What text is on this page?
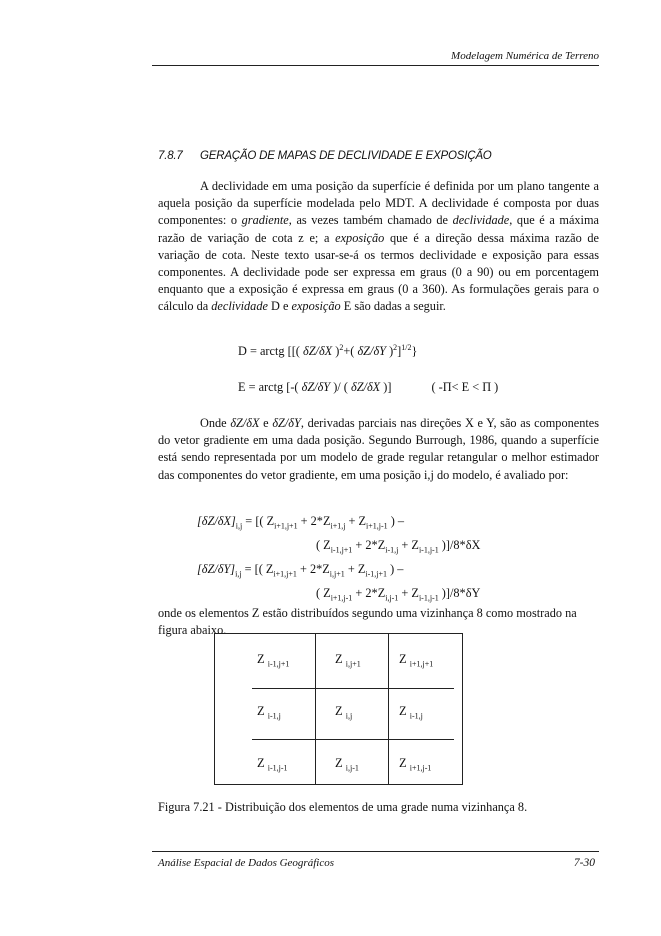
Modelagem Numérica de Terreno
7.8.7 GERAÇÃO DE MAPAS DE DECLIVIDADE E EXPOSIÇÃO
A declividade em uma posição da superfície é definida por um plano tangente a aquela posição da superfície modelada pelo MDT. A declividade é composta por duas componentes: o gradiente, as vezes também chamado de declividade, que é a máxima razão de variação de cota z e; a exposição que é a direção dessa máxima razão de variação de cota. Neste texto usar-se-á os termos declividade e exposição para essas componentes. A declividade pode ser expressa em graus (0 a 90) ou em porcentagem enquanto que a exposição é expressa em graus (0 a 360). As formulações gerais para o cálculo da declividade D e exposição E são dadas a seguir.
D = arctg [[( δZ/δX )$^2$+( δZ/δY )$^2$]$^{1/2}$}
E = arctg [-( δZ/δY )/ ( δZ/δX )]	( -Π< E < Π )
Onde δZ/δX e δZ/δY, derivadas parciais nas direções X e Y, são as componentes do vetor gradiente em uma dada posição. Segundo Burrough, 1986, quando a superfície está sendo representada por um modelo de grade regular retangular o melhor estimador das componentes do vetor gradiente, em uma posição i,j do modelo, é avaliado por:
$[\delta Z/\delta X]_{i,j}$ = [( $Z_{i+1,j+1} + 2*Z_{i+1,j} + Z_{i+1,j-1}$ ) –
( $Z_{i-1,j+1} + 2*Z_{i-1,j} + Z_{i-1,j-1}$ )]/8*δX
$[\delta Z/\delta Y]_{i,j}$ = [( $Z_{i+1,j+1} + 2*Z_{i,j+1} + Z_{i-1,j+1}$ ) –
( $Z_{i+1,j-1} + 2*Z_{i,j-1} + Z_{i-1,j-1}$ )]/8*δY
onde os elementos Z estão distribuídos segundo uma vizinhança 8 como mostrado na figura abaixo.
Z $_{i-1,j+1}$	Z $_{i,j+1}$	Z $_{i+1,j+1}$
Z $_{i-1,j}$	Z $_{i,j}$	Z $_{i-1,j}$
Z $_{i-1,j-1}$	Z $_{i,j-1}$	Z $_{i+1,j-1}$
Figura 7.21 - Distribuição dos elementos de uma grade numa vizinhança 8.
Análise Espacial de Dados Geográficos	7-30
